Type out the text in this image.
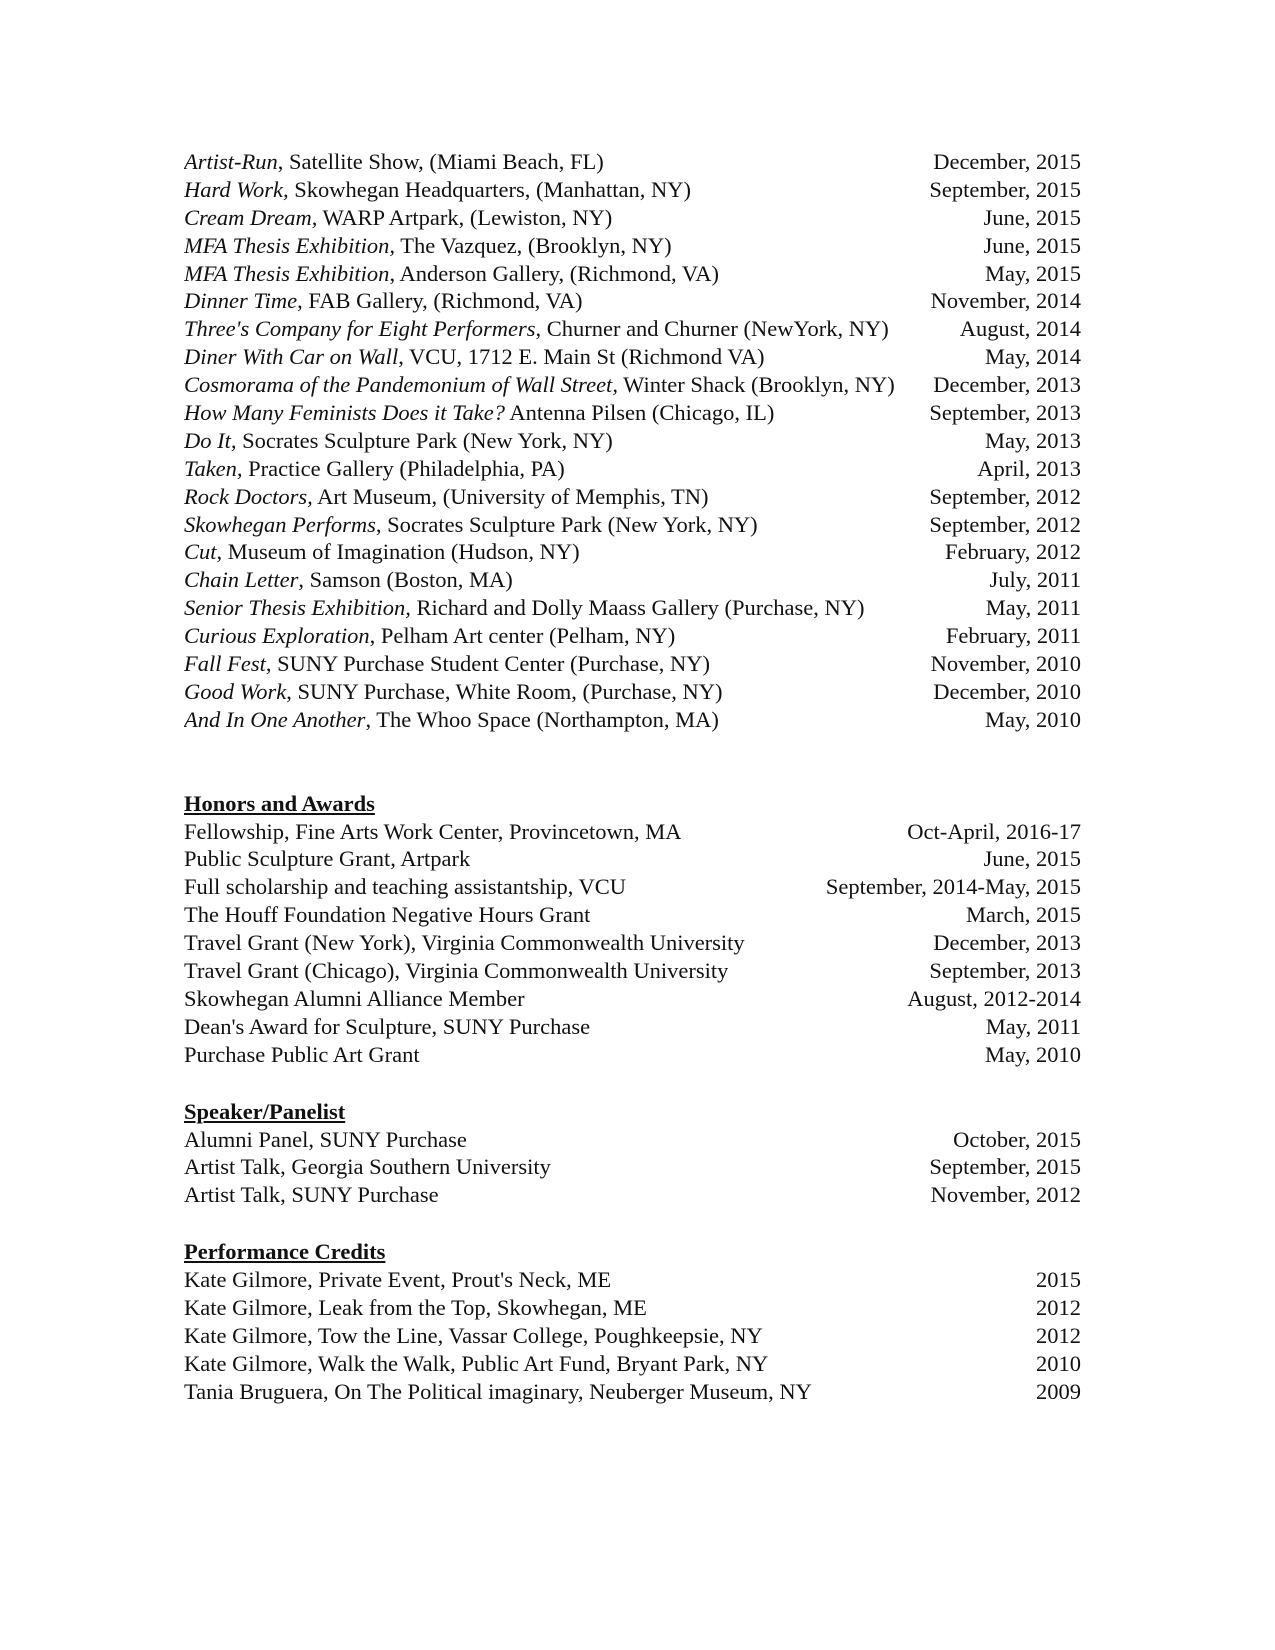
Artist-Run, Satellite Show, (Miami Beach, FL)	December, 2015
Hard Work, Skowhegan Headquarters, (Manhattan, NY)	September, 2015
Cream Dream, WARP Artpark, (Lewiston, NY)	June, 2015
MFA Thesis Exhibition, The Vazquez, (Brooklyn, NY)	June, 2015
MFA Thesis Exhibition, Anderson Gallery, (Richmond, VA)	May, 2015
Dinner Time, FAB Gallery, (Richmond, VA)	November, 2014
Three's Company for Eight Performers, Churner and Churner (NewYork, NY)	August, 2014
Diner With Car on Wall, VCU, 1712 E. Main St (Richmond VA)	May, 2014
Cosmorama of the Pandemonium of Wall Street, Winter Shack (Brooklyn, NY)	December, 2013
How Many Feminists Does it Take? Antenna Pilsen (Chicago, IL)	September, 2013
Do It, Socrates Sculpture Park (New York, NY)	May, 2013
Taken, Practice Gallery (Philadelphia, PA)	April, 2013
Rock Doctors, Art Museum, (University of Memphis, TN)	September, 2012
Skowhegan Performs, Socrates Sculpture Park (New York, NY)	September, 2012
Cut, Museum of Imagination (Hudson, NY)	February, 2012
Chain Letter, Samson (Boston, MA)	July, 2011
Senior Thesis Exhibition, Richard and Dolly Maass Gallery (Purchase, NY)	May, 2011
Curious Exploration, Pelham Art center (Pelham, NY)	February, 2011
Fall Fest, SUNY Purchase Student Center (Purchase, NY)	November, 2010
Good Work, SUNY Purchase, White Room, (Purchase, NY)	December, 2010
And In One Another, The Whoo Space (Northampton, MA)	May, 2010
Honors and Awards
Fellowship, Fine Arts Work Center, Provincetown, MA	Oct-April, 2016-17
Public Sculpture Grant, Artpark	June, 2015
Full scholarship and teaching assistantship, VCU	September, 2014-May, 2015
The Houff Foundation Negative Hours Grant	March, 2015
Travel Grant (New York), Virginia Commonwealth University	December, 2013
Travel Grant (Chicago), Virginia Commonwealth University	September, 2013
Skowhegan Alumni Alliance Member	August, 2012-2014
Dean's Award for Sculpture, SUNY Purchase	May, 2011
Purchase Public Art Grant	May, 2010
Speaker/Panelist
Alumni Panel, SUNY Purchase	October, 2015
Artist Talk, Georgia Southern University	September, 2015
Artist Talk, SUNY Purchase	November, 2012
Performance Credits
Kate Gilmore, Private Event, Prout's Neck, ME	2015
Kate Gilmore, Leak from the Top, Skowhegan, ME	2012
Kate Gilmore, Tow the Line, Vassar College, Poughkeepsie, NY	2012
Kate Gilmore, Walk the Walk, Public Art Fund, Bryant Park, NY	2010
Tania Bruguera, On The Political imaginary, Neuberger Museum, NY	2009
